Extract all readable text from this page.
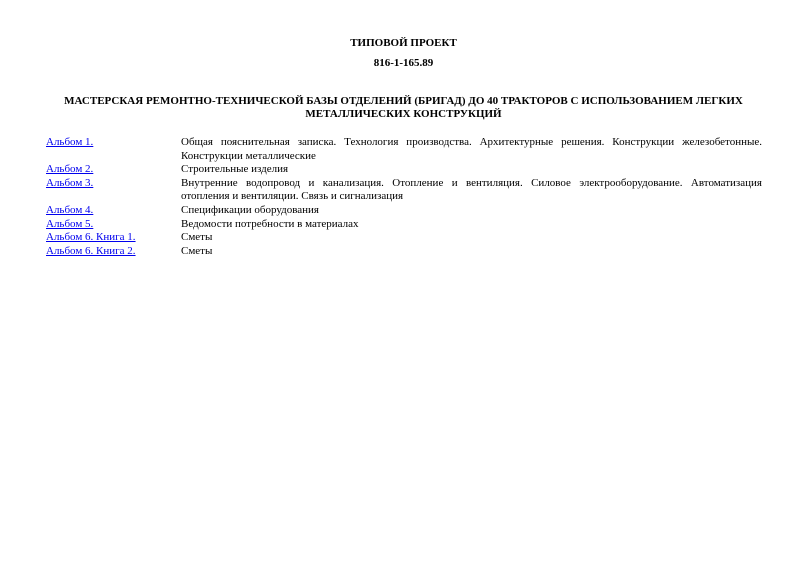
ТИПОВОЙ ПРОЕКТ
816-1-165.89
МАСТЕРСКАЯ РЕМОНТНО-ТЕХНИЧЕСКОЙ БАЗЫ ОТДЕЛЕНИЙ (БРИГАД) ДО 40 ТРАКТОРОВ С ИСПОЛЬЗОВАНИЕМ ЛЕГКИХ МЕТАЛЛИЧЕСКИХ КОНСТРУКЦИЙ
Альбом 1.	Общая пояснительная записка. Технология производства. Архитектурные решения. Конструкции железобетонные. Конструкции металлические
Альбом 2.	Строительные изделия
Альбом 3.	Внутренние водопровод и канализация. Отопление и вентиляция. Силовое электрооборудование. Автоматизация отопления и вентиляции. Связь и сигнализация
Альбом 4.	Спецификации оборудования
Альбом 5.	Ведомости потребности в материалах
Альбом 6. Книга 1.	Сметы
Альбом 6. Книга 2.	Сметы
